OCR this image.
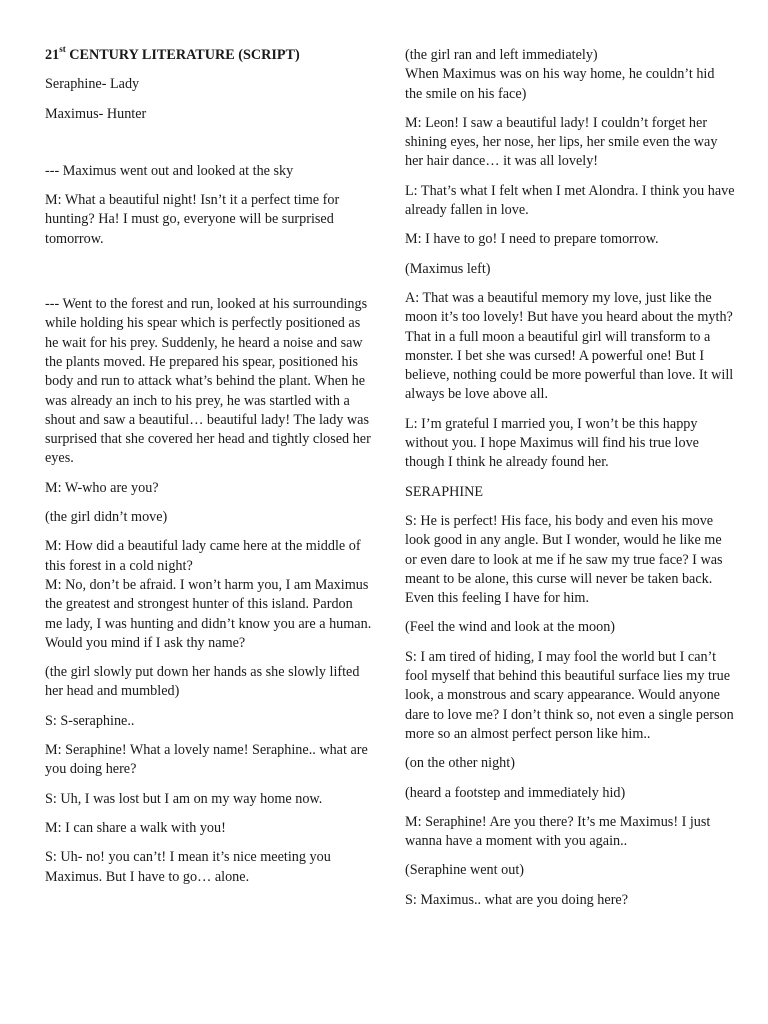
21st CENTURY LITERATURE (SCRIPT)

Seraphine- Lady

Maximus- Hunter

--- Maximus went out and looked at the sky

M: What a beautiful night! Isn’t it a perfect time for hunting? Ha! I must go, everyone will be surprised tomorrow.

--- Went to the forest and run, looked at his surroundings while holding his spear which is perfectly positioned as he wait for his prey. Suddenly, he heard a noise and saw the plants moved. He prepared his spear, positioned his body and run to attack what’s behind the plant. When he was already an inch to his prey, he was startled with a shout and saw a beautiful… beautiful lady! The lady was surprised that she covered her head and tightly closed her eyes.

M: W-who are you?

(the girl didn’t move)

M: How did a beautiful lady came here at the middle of this forest in a cold night?

M: No, don’t be afraid. I won’t harm you, I am Maximus the greatest and strongest hunter of this island. Pardon me lady, I was hunting and didn’t know you are a human. Would you mind if I ask thy name?

(the girl slowly put down her hands as she slowly lifted her head and mumbled)

S: S-seraphine..

M: Seraphine! What a lovely name! Seraphine.. what are you doing here?

S: Uh, I was lost but I am on my way home now.

M: I can share a walk with you!

S: Uh- no! you can’t! I mean it’s nice meeting you Maximus. But I have to go… alone.

(the girl ran and left immediately)

When Maximus was on his way home, he couldn’t hid the smile on his face)

M: Leon! I saw a beautiful lady! I couldn’t forget her shining eyes, her nose, her lips, her smile even the way her hair dance… it was all lovely!

L: That’s what I felt when I met Alondra. I think you have already fallen in love.

M: I have to go! I need to prepare tomorrow.

(Maximus left)

A: That was a beautiful memory my love, just like the moon it’s too lovely! But have you heard about the myth? That in a full moon a beautiful girl will transform to a monster. I bet she was cursed! A powerful one! But I believe, nothing could be more powerful than love. It will always be love above all.

L: I’m grateful I married you, I won’t be this happy without you. I hope Maximus will find his true love though I think he already found her.

SERAPHINE

S: He is perfect! His face, his body and even his move look good in any angle. But I wonder, would he like me or even dare to look at me if he saw my true face? I was meant to be alone, this curse will never be taken back. Even this feeling I have for him.

(Feel the wind and look at the moon)

S: I am tired of hiding, I may fool the world but I can’t fool myself that behind this beautiful surface lies my true look, a monstrous and scary appearance. Would anyone dare to love me? I don’t think so, not even a single person more so an almost perfect person like him..

(on the other night)

(heard a footstep and immediately hid)

M: Seraphine! Are you there? It’s me Maximus! I just wanna have a moment with you again..

(Seraphine went out)

S: Maximus.. what are you doing here?
